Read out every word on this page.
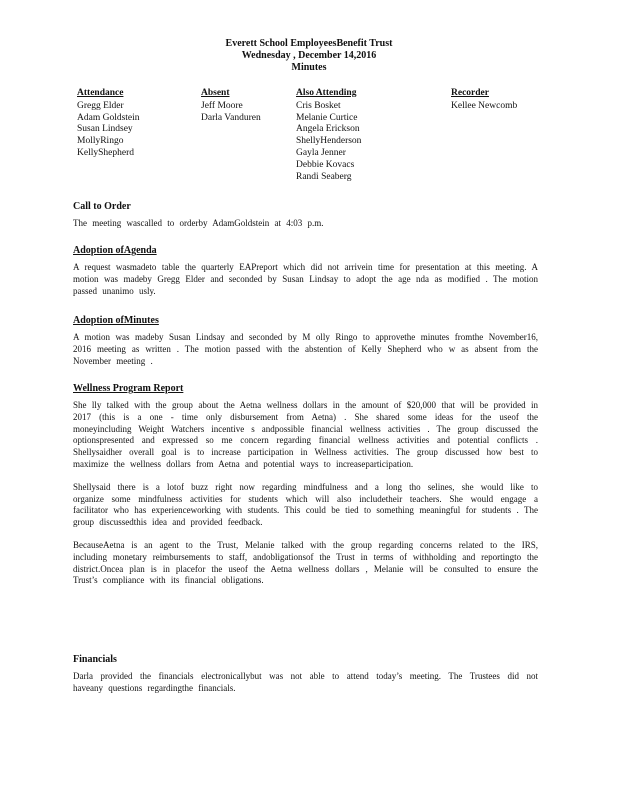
Everett School EmployeesBenefit Trust
Wednesday , December 14,2016
Minutes
Attendance
Gregg Elder
Adam Goldstein
Susan Lindsey
MollyRingo
KellyShepherd
Absent
Jeff Moore
Darla Vanduren
Also Attending
Cris Bosket
Melanie Curtice
Angela Erickson
ShellyHenderson
Gayla Jenner
Debbie Kovacs
Randi Seaberg
Recorder
Kellee Newcomb
Call to Order

The meeting wascalled to orderby AdamGoldstein at 4:03 p.m.

Adoption ofAgenda

A request wasmadeto table the quarterly EAPreport which did not arrivein time for presentation at this meeting. A motion was madeby Gregg Elder and seconded by Susan Lindsay to adopt the age nda as modified . The motion passed unanimo usly.

Adoption ofMinutes

A motion was madeby Susan Lindsay and seconded by M olly Ringo to approvethe minutes fromthe November16, 2016 meeting as written . The motion passed with the abstention of Kelly Shepherd who w as absent from the November meeting .

Wellness Program Report

She lly talked with the group about the Aetna wellness dollars in the amount of $20,000 that will be provided in 2017 (this is a one - time only disbursement from Aetna) . She shared some ideas for the useof the moneyincluding Weight Watchers incentive s andpossible financial wellness activities . The group discussed the optionspresented and expressed so me concern regarding financial wellness activities and potential conflicts . Shellysaidher overall goal is to increase participation in Wellness activities. The group discussed how best to maximize the wellness dollars from Aetna and potential ways to increaseparticipation.

Shellysaid there is a lotof buzz right now regarding mindfulness and a long tho selines, she would like to organize some mindfulness activities for students which will also includetheir teachers. She would engage a facilitator who has experienceworking with students. This could be tied to something meaningful for students . The group discussedthis idea and provided feedback.

BecauseAetna is an agent to the Trust, Melanie talked with the group regarding concerns related to the IRS, including monetary reimbursements to staff, andobligationsof the Trust in terms of withholding and reportingto the district.Oncea plan is in placefor the useof the Aetna wellness dollars , Melanie will be consulted to ensure the Trust’s compliance with its financial obligations.

Financials

Darla provided the financials electronicallybut was not able to attend today’s meeting. The Trustees did not haveany questions regardingthe financials.
